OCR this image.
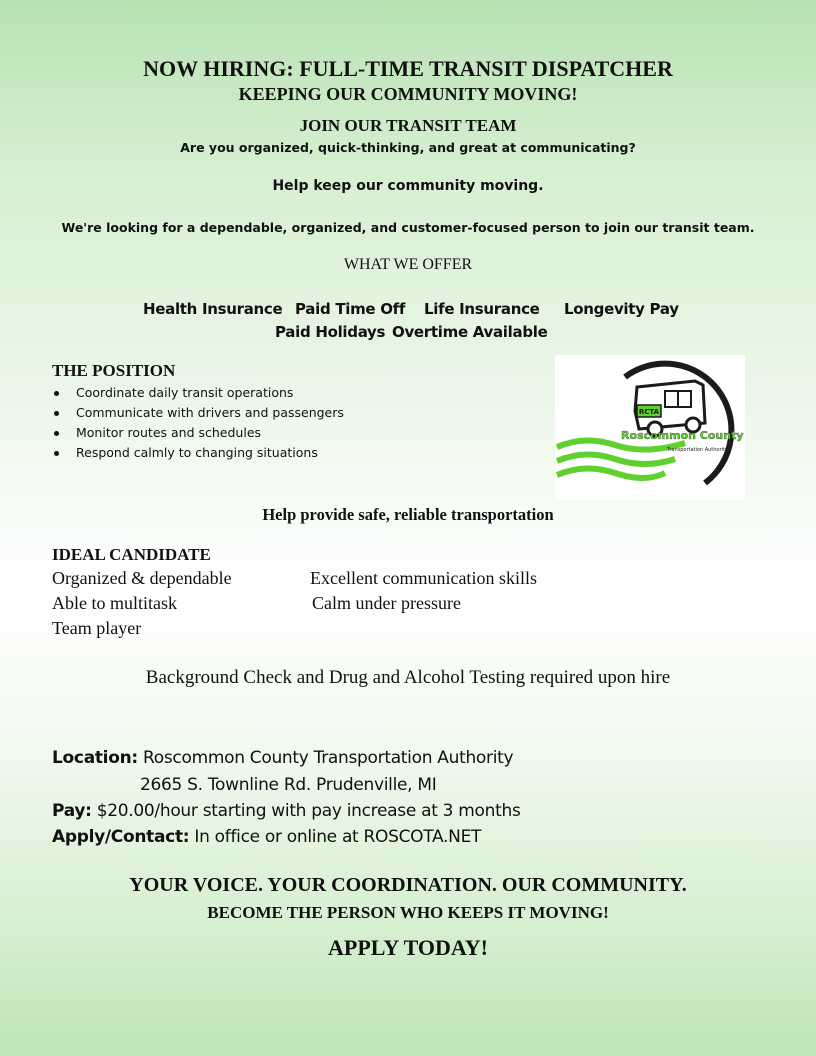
NOW HIRING: FULL-TIME TRANSIT DISPATCHER
KEEPING OUR COMMUNITY MOVING!
JOIN OUR TRANSIT TEAM
Are you organized, quick-thinking, and great at communicating?
Help keep our community moving.
We're looking for a dependable, organized, and customer-focused person to join our transit team.
WHAT WE OFFER
Health Insurance Paid Time Off Life Insurance Longevity Pay
Paid Holidays Overtime Available
THE POSITION
Coordinate daily transit operations
Communicate with drivers and passengers
Monitor routes and schedules
Respond calmly to changing situations
RCTA
Roscommon County
Transportation Authority
Help provide safe, reliable transportation
IDEAL CANDIDATE
Organized & dependable	Excellent communication skills
Able to multitask	Calm under pressure
Team player
Background Check and Drug and Alcohol Testing required upon hire
Location: Roscommon County Transportation Authority
2665 S. Townline Rd. Prudenville, MI
Pay: $20.00/hour starting with pay increase at 3 months
Apply/Contact: In office or online at ROSCOTA.NET
YOUR VOICE. YOUR COORDINATION. OUR COMMUNITY.
BECOME THE PERSON WHO KEEPS IT MOVING!
APPLY TODAY!
